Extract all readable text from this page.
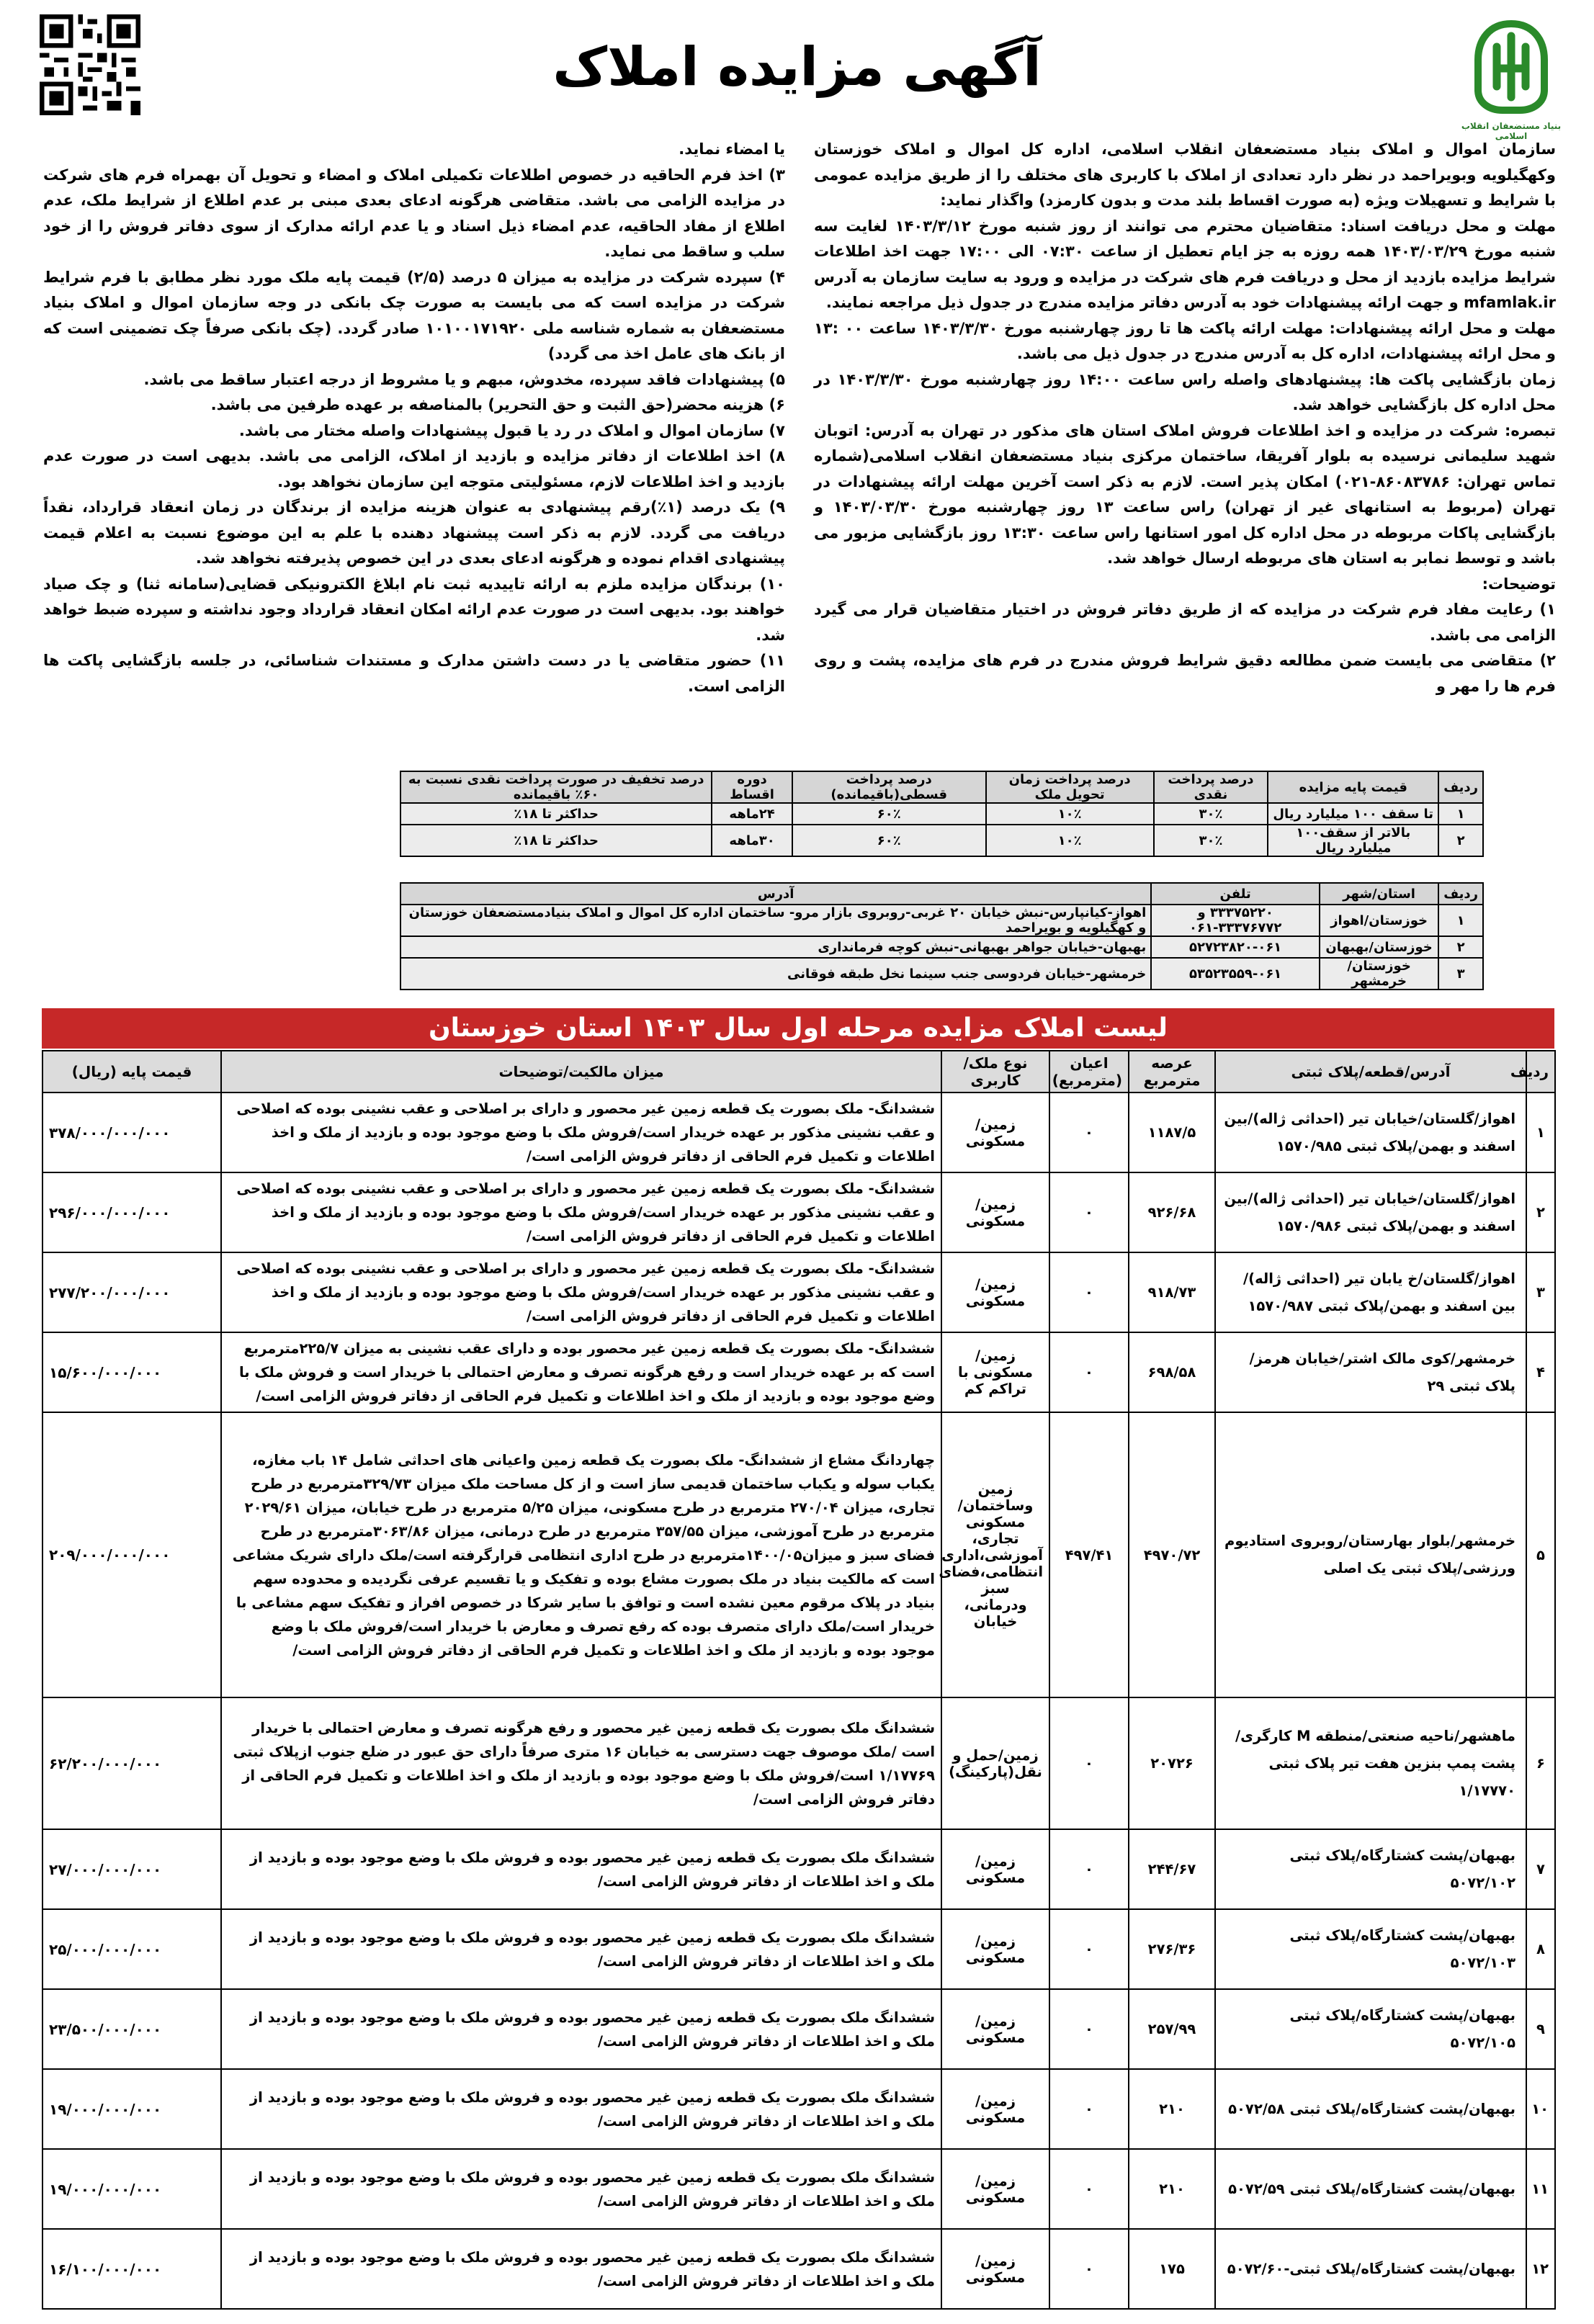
بنیاد مستضعفان انقلاب اسلامی
آگهی مزایده املاک

سازمان اموال و املاک بنیاد مستضعفان انقلاب اسلامی، اداره کل اموال و املاک خوزستان وکهگیلویه وبویراحمد در نظر دارد تعدادی از املاک با کاربری های مختلف را از طریق مزایده عمومی با شرایط و تسهیلات ویژه (به صورت اقساط بلند مدت و بدون کارمزد) واگذار نماید:

مهلت و محل دریافت اسناد: متقاضیان محترم می توانند از روز شنبه مورخ ۱۴۰۳/۳/۱۲ لغایت سه شنبه مورخ ۱۴۰۳/۰۳/۲۹ همه روزه به جز ایام تعطیل از ساعت ۰۷:۳۰ الی ۱۷:۰۰ جهت اخذ اطلاعات شرایط مزایده بازدید از محل و دریافت فرم های شرکت در مزایده و ورود به سایت سازمان به آدرس mfamlak.ir و جهت ارائه پیشنهادات خود به آدرس دفاتر مزایده مندرج در جدول ذیل مراجعه نمایند.

مهلت و محل ارائه پیشنهادات: مهلت ارائه پاکت ها تا روز چهارشنبه مورخ ۱۴۰۳/۳/۳۰ ساعت ۰۰ :۱۳ و محل ارائه پیشنهادات، اداره کل به آدرس مندرج در جدول ذیل می باشد.

زمان بازگشایی پاکت ها: پیشنهادهای واصله راس ساعت ۱۴:۰۰ روز چهارشنبه مورخ ۱۴۰۳/۳/۳۰ در محل اداره کل بازگشایی خواهد شد.

تبصره: شرکت در مزایده و اخذ اطلاعات فروش املاک استان های مذکور در تهران به آدرس: اتوبان شهید سلیمانی نرسیده به بلوار آفریقا، ساختمان مرکزی بنیاد مستضعفان انقلاب اسلامی(شماره تماس تهران: ۸۶۰۸۳۷۸۶-۰۲۱) امکان پذیر است. لازم به ذکر است آخرین مهلت ارائه پیشنهادات در تهران (مربوط به استانهای غیر از تهران) راس ساعت ۱۳ روز چهارشنبه مورخ ۱۴۰۳/۰۳/۳۰ و بازگشایی پاکات مربوطه در محل اداره کل امور استانها راس ساعت ۱۳:۳۰ روز بازگشایی مزبور می باشد و توسط نمابر به استان های مربوطه ارسال خواهد شد.

توضیحات:

۱) رعایت مفاد فرم شرکت در مزایده که از طریق دفاتر فروش در اختیار متقاضیان قرار می گیرد الزامی می باشد.

۲) متقاضی می بایست ضمن مطالعه دقیق شرایط فروش مندرج در فرم های مزایده، پشت و روی فرم ها را مهر و

یا امضاء نماید.

۳) اخذ فرم الحاقیه در خصوص اطلاعات تکمیلی املاک و امضاء و تحویل آن بهمراه فرم های شرکت در مزایده الزامی می باشد. متقاضی هرگونه ادعای بعدی مبنی بر عدم اطلاع از شرایط ملک، عدم اطلاع از مفاد الحاقیه، عدم امضاء ذیل اسناد و یا عدم ارائه مدارک از سوی دفاتر فروش را از خود سلب و ساقط می نماید.

۴) سپرده شرکت در مزایده به میزان ۵ درصد (۲/۵) قیمت پایه ملک مورد نظر مطابق با فرم شرایط شرکت در مزایده است که می بایست به صورت چک بانکی در وجه سازمان اموال و املاک بنیاد مستضعفان به شماره شناسه ملی ۱۰۱۰۰۱۷۱۹۲۰ صادر گردد. (چک بانکی صرفاً چک تضمینی است که از بانک های عامل اخذ می گردد)

۵) پیشنهادات فاقد سپرده، مخدوش، مبهم و یا مشروط از درجه اعتبار ساقط می باشد.

۶) هزینه محضر(حق الثبت و حق التحریر) بالمناصفه بر عهده طرفین می باشد.

۷) سازمان اموال و املاک در رد یا قبول پیشنهادات واصله مختار می باشد.

۸) اخذ اطلاعات از دفاتر مزایده و بازدید از املاک، الزامی می باشد. بدیهی است در صورت عدم بازدید و اخذ اطلاعات لازم، مسئولیتی متوجه این سازمان نخواهد بود.

۹) یک درصد (۱٪)رقم پیشنهادی به عنوان هزینه مزایده از برندگان در زمان انعقاد قرارداد، نقداً دریافت می گردد. لازم به ذکر است پیشنهاد دهنده با علم به این موضوع نسبت به اعلام قیمت پیشنهادی اقدام نموده و هرگونه ادعای بعدی در این خصوص پذیرفته نخواهد شد.

۱۰) برندگان مزایده ملزم به ارائه تاییدیه ثبت نام ابلاغ الکترونیکی قضایی(سامانه ثنا) و چک صیاد خواهند بود. بدیهی است در صورت عدم ارائه امکان انعقاد قرارداد وجود نداشته و سپرده ضبط خواهد شد.

۱۱) حضور متقاضی یا در دست داشتن مدارک و مستندات شناسائی، در جلسه بازگشایی پاکت ها الزامی است.

ردیف	قیمت پایه مزایده	درصد پرداخت نقدی	درصد پرداخت زمان تحویل ملک	درصد پرداخت قسطی(باقیمانده)	دوره اقساط	درصد تخفیف در صورت پرداخت نقدی نسبت به ۶۰٪ باقیمانده
۱	تا سقف ۱۰۰ میلیارد ریال	۳۰٪	۱۰٪	۶۰٪	۲۴ماهه	حداکثر تا ۱۸٪
۲	بالاتر از سقف۱۰۰ میلیارد ریال	۳۰٪	۱۰٪	۶۰٪	۳۰ماهه	حداکثر تا ۱۸٪
ردیف	استان/شهر	تلفن	آدرس
۱	خوزستان/اهواز	۳۳۳۷۵۲۲۰ و ۳۳۳۷۶۷۷۲-۰۶۱	اهواز-کیانپارس-نبش خیابان ۲۰ غربی-روبروی بازار مرو- ساختمان اداره کل اموال و املاک بنیادمستضعفان خوزستان و کهگیلویه و بویراحمد
۲	خوزستان/بهبهان	۵۲۷۲۳۸۲۰-۰۶۱	بهبهان-خیابان جواهر بهبهانی-نبش کوچه فرمانداری
۳	خوزستان/خرمشهر	۵۳۵۲۳۵۵۹-۰۶۱	خرمشهر-خیابان فردوسی جنب سینما نخل طبقه فوقانی
لیست املاک مزایده مرحله اول سال ۱۴۰۳ استان خوزستان
ردیف	آدرس/قطعه/پلاک ثبتی	عرصه مترمربع	اعیان (مترمربع)	نوع ملک/کاربری	میزان مالکیت/توضیحات	قیمت پایه (ریال)
۱	اهواز/گلستان/خیابان تیر (احداثی ژاله)/بین اسفند و بهمن/پلاک ثبتی ۱۵۷۰/۹۸۵	۱۱۸۷/۵	۰	زمین/مسکونی	ششدانگ- ملک بصورت یک قطعه زمین غیر محصور و دارای بر اصلاحی و عقب نشینی بوده که اصلاحی و عقب نشینی مذکور بر عهده خریدار است/فروش ملک با وضع موجود بوده و بازدید از ملک و اخذ اطلاعات و تکمیل فرم الحاقی از دفاتر فروش الزامی است/	۳۷۸/۰۰۰/۰۰۰/۰۰۰
۲	اهواز/گلستان/خیابان تیر (احداثی ژاله)/بین اسفند و بهمن/پلاک ثبتی ۱۵۷۰/۹۸۶	۹۲۶/۶۸	۰	زمین/مسکونی	ششدانگ- ملک بصورت یک قطعه زمین غیر محصور و دارای بر اصلاحی و عقب نشینی بوده که اصلاحی و عقب نشینی مذکور بر عهده خریدار است/فروش ملک با وضع موجود بوده و بازدید از ملک و اخذ اطلاعات و تکمیل فرم الحاقی از دفاتر فروش الزامی است/	۲۹۶/۰۰۰/۰۰۰/۰۰۰
۳	اهواز/گلستان/خ یابان تیر (احداثی ژاله)/بین اسفند و بهمن/پلاک ثبتی ۱۵۷۰/۹۸۷	۹۱۸/۷۳	۰	زمین/مسکونی	ششدانگ- ملک بصورت یک قطعه زمین غیر محصور و دارای بر اصلاحی و عقب نشینی بوده که اصلاحی و عقب نشینی مذکور بر عهده خریدار است/فروش ملک با وضع موجود بوده و بازدید از ملک و اخذ اطلاعات و تکمیل فرم الحاقی از دفاتر فروش الزامی است/	۲۷۷/۲۰۰/۰۰۰/۰۰۰
۴	خرمشهر/کوی مالک اشتر/خیابان هرمز/پلاک ثبتی ۲۹	۶۹۸/۵۸	۰	زمین/مسکونی با تراکم کم	ششدانگ- ملک بصورت یک قطعه زمین غیر محصور بوده و دارای عقب نشینی به میزان ۲۲۵/۷مترمربع است که بر عهده خریدار است و رفع هرگونه تصرف و معارض احتمالی با خریدار است و فروش ملک با وضع موجود بوده و بازدید از ملک و اخذ اطلاعات و تکمیل فرم الحاقی از دفاتر فروش الزامی است/	۱۵/۶۰۰/۰۰۰/۰۰۰
۵	خرمشهر/بلوار بهارستان/روبروی استادیوم ورزشی/پلاک ثبتی یک اصلی	۴۹۷۰/۷۲	۴۹۷/۴۱	زمین وساختمان/ مسکونی تجاری، آموزشی،اداری انتظامی،فضای سبز ودرمانی، خیابان	چهاردانگ مشاع از ششدانگ- ملک بصورت یک قطعه زمین واعیانی های احداثی شامل ۱۴ باب مغازه، یکباب سوله و یکباب ساختمان قدیمی ساز است و از کل مساحت ملک میزان ۳۲۹/۷۳مترمربع در طرح تجاری، میزان ۲۷۰/۰۴ مترمربع در طرح مسکونی، میزان ۵/۲۵ مترمربع در طرح خیابان، میزان ۲۰۲۹/۶۱ مترمربع در طرح آموزشی، میزان ۳۵۷/۵۵ مترمربع در طرح درمانی، میزان ۳۰۶۳/۸۶مترمربع در طرح فضای سبز و میزان۱۴۰۰/۰۵مترمربع در طرح اداری انتظامی قرارگرفته است/ملک دارای شریک مشاعی است که مالکیت بنیاد در ملک بصورت مشاع بوده و تفکیک و یا تقسیم عرفی نگردیده و محدوده سهم بنیاد در پلاک مرقوم معین نشده است و توافق با سایر شرکا در خصوص افراز و تفکیک سهم مشاعی با خریدار است/ملک دارای متصرف بوده که رفع تصرف و معارض با خریدار است/فروش ملک با وضع موجود بوده و بازدید از ملک و اخذ اطلاعات و تکمیل فرم الحاقی از دفاتر فروش الزامی است/	۲۰۹/۰۰۰/۰۰۰/۰۰۰
۶	ماهشهر/ناحیه صنعتی/منطقه M کارگری/پشت پمپ بنزین هفت تیر پلاک ثبتی ۱/۱۷۷۷۰	۲۰۷۲۶	۰	زمین/حمل و نقل(پارکینگ)	ششدانگ ملک بصورت یک قطعه زمین غیر محصور و رفع هرگونه تصرف و معارض احتمالی با خریدار است /ملک موصوف جهت دسترسی به خیابان ۱۶ متری صرفاً دارای حق عبور در ضلع جنوب ازپلاک ثبتی ۱/۱۷۷۶۹ است/فروش ملک با وضع موجود بوده و بازدید از ملک و اخذ اطلاعات و تکمیل فرم الحاقی از دفاتر فروش الزامی است/	۶۲/۲۰۰/۰۰۰/۰۰۰
۷	بهبهان/پشت کشتارگاه/پلاک ثبتی ۵۰۷۲/۱۰۲	۲۴۴/۶۷	۰	زمین/مسکونی	ششدانگ ملک بصورت یک قطعه زمین غیر محصور بوده و فروش ملک با وضع موجود بوده و بازدید از ملک و اخذ اطلاعات از دفاتر فروش الزامی است/	۲۷/۰۰۰/۰۰۰/۰۰۰
۸	بهبهان/پشت کشتارگاه/پلاک ثبتی ۵۰۷۲/۱۰۳	۲۷۶/۳۶	۰	زمین/مسکونی	ششدانگ ملک بصورت یک قطعه زمین غیر محصور بوده و فروش ملک با وضع موجود بوده و بازدید از ملک و اخذ اطلاعات از دفاتر فروش الزامی است/	۲۵/۰۰۰/۰۰۰/۰۰۰
۹	بهبهان/پشت کشتارگاه/پلاک ثبتی ۵۰۷۲/۱۰۵	۲۵۷/۹۹	۰	زمین/مسکونی	ششدانگ ملک بصورت یک قطعه زمین غیر محصور بوده و فروش ملک با وضع موجود بوده و بازدید از ملک و اخذ اطلاعات از دفاتر فروش الزامی است/	۲۳/۵۰۰/۰۰۰/۰۰۰
۱۰	بهبهان/پشت کشتارگاه/پلاک ثبتی ۵۰۷۲/۵۸	۲۱۰	۰	زمین/مسکونی	ششدانگ ملک بصورت یک قطعه زمین غیر محصور بوده و فروش ملک با وضع موجود بوده و بازدید از ملک و اخذ اطلاعات از دفاتر فروش الزامی است/	۱۹/۰۰۰/۰۰۰/۰۰۰
۱۱	بهبهان/پشت کشتارگاه/پلاک ثبتی ۵۰۷۲/۵۹	۲۱۰	۰	زمین/مسکونی	ششدانگ ملک بصورت یک قطعه زمین غیر محصور بوده و فروش ملک با وضع موجود بوده و بازدید از ملک و اخذ اطلاعات از دفاتر فروش الزامی است/	۱۹/۰۰۰/۰۰۰/۰۰۰
۱۲	بهبهان/پشت کشتارگاه/پلاک ثبتی-۵۰۷۲/۶۰	۱۷۵	۰	زمین/مسکونی	ششدانگ ملک بصورت یک قطعه زمین غیر محصور بوده و فروش ملک با وضع موجود بوده و بازدید از ملک و اخذ اطلاعات از دفاتر فروش الزامی است/	۱۶/۱۰۰/۰۰۰/۰۰۰
